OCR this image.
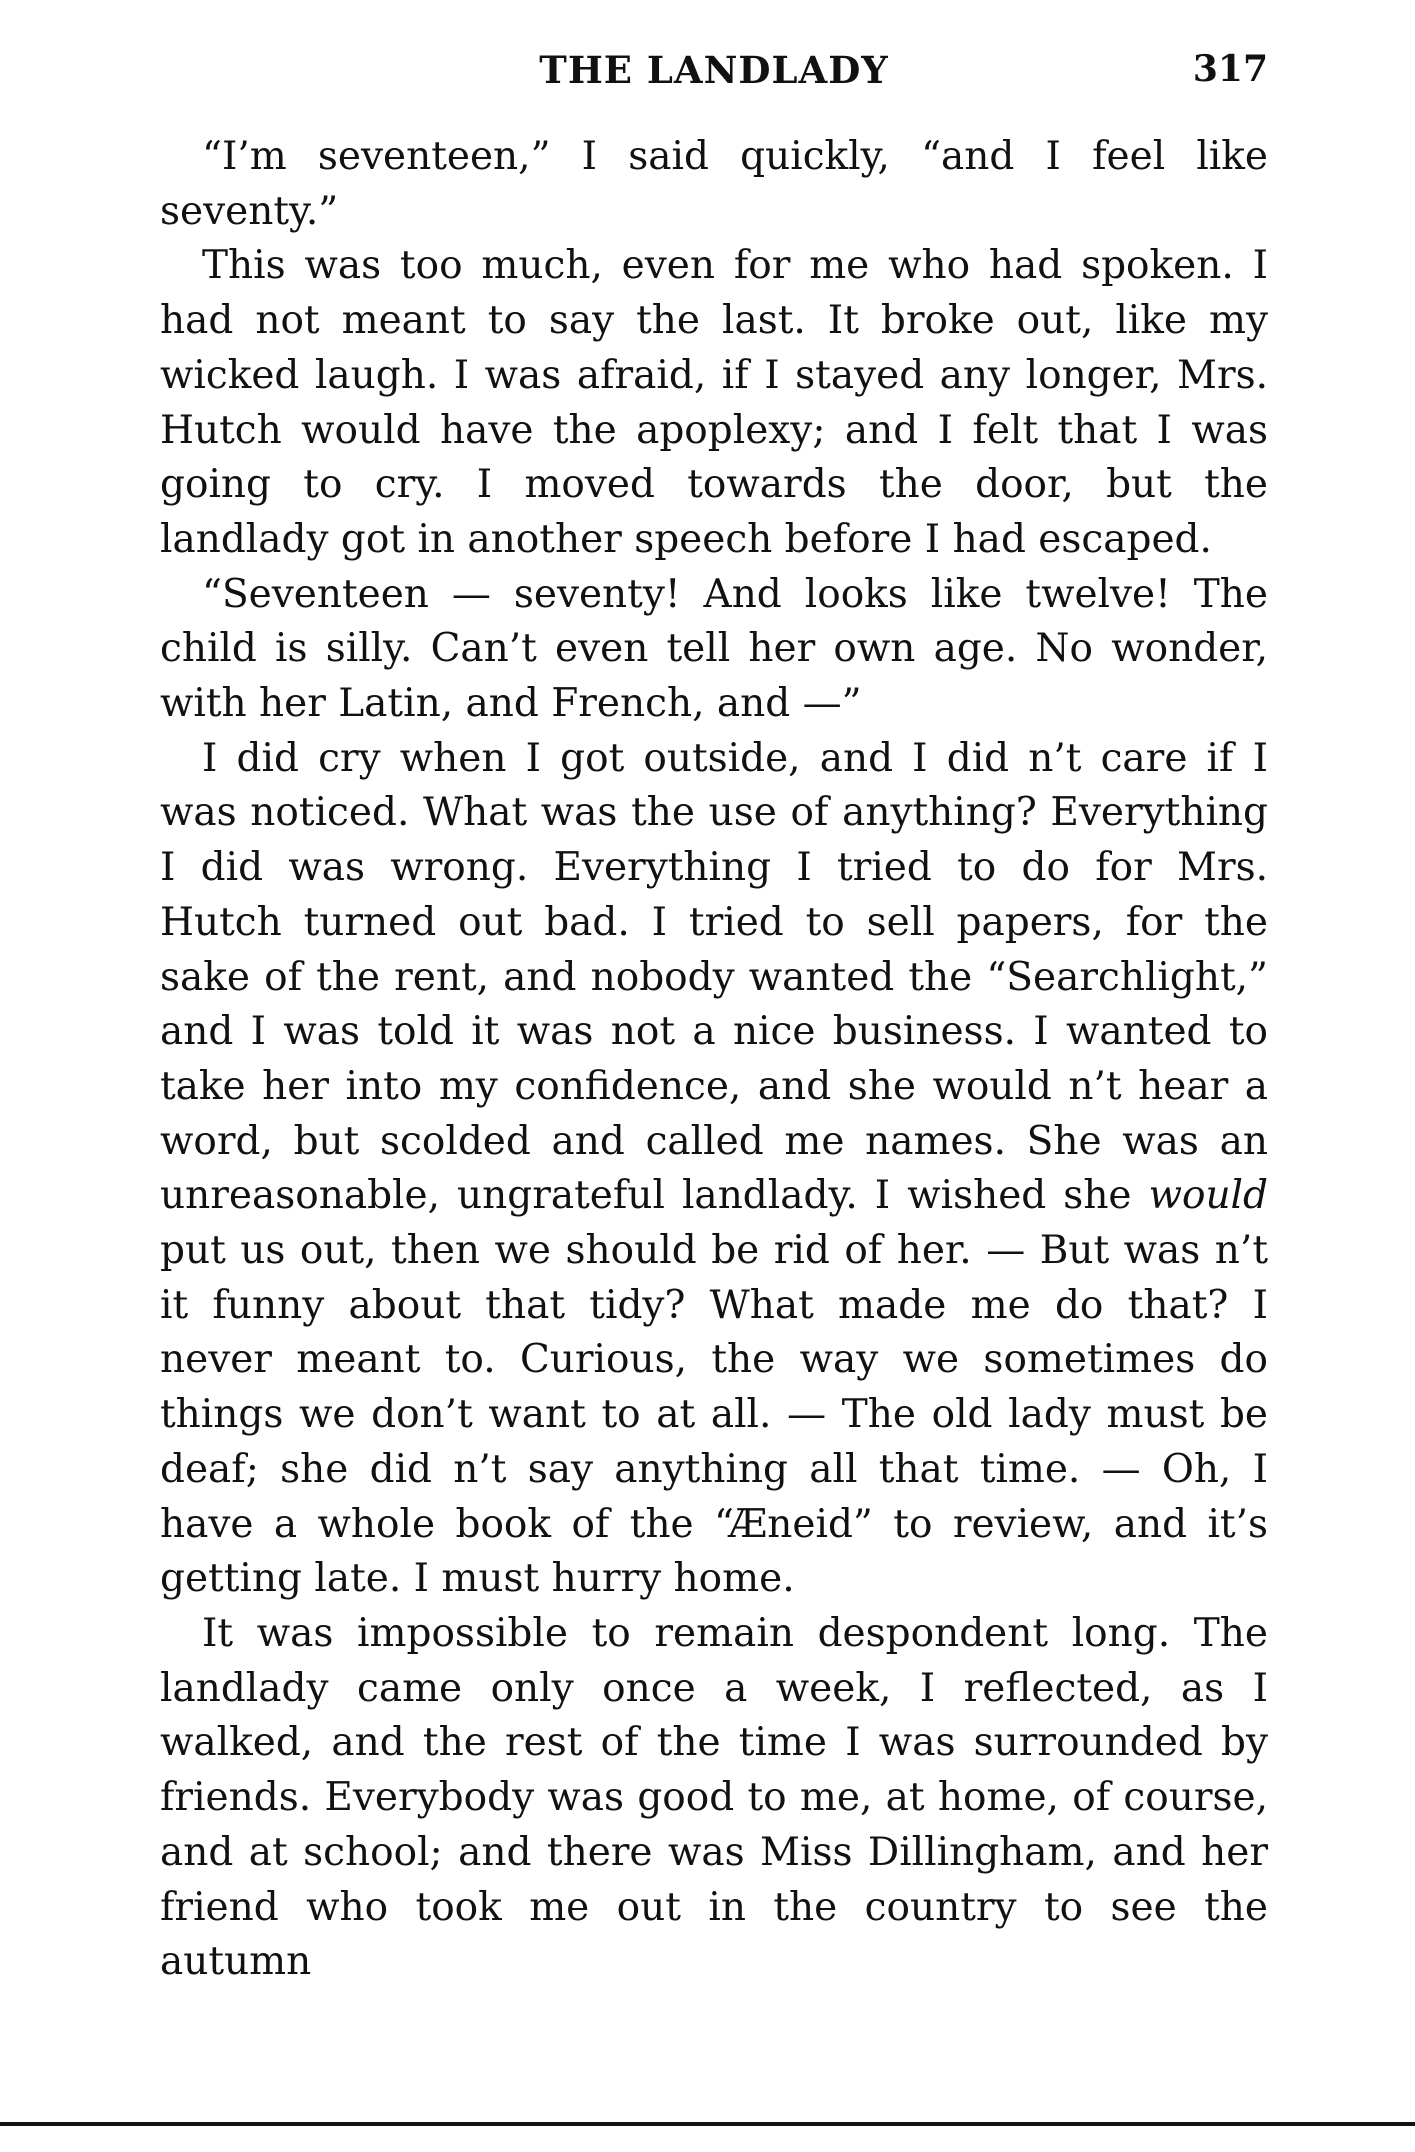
THE LANDLADY	317

“I’m seventeen,” I said quickly, “and I feel like seventy.”

This was too much, even for me who had spoken. I had not meant to say the last. It broke out, like my wicked laugh. I was afraid, if I stayed any longer, Mrs. Hutch would have the apoplexy; and I felt that I was going to cry. I moved towards the door, but the landlady got in another speech before I had escaped.

“Seventeen — seventy! And looks like twelve! The child is silly. Can’t even tell her own age. No wonder, with her Latin, and French, and —”

I did cry when I got outside, and I did n’t care if I was noticed. What was the use of anything? Everything I did was wrong. Everything I tried to do for Mrs. Hutch turned out bad. I tried to sell papers, for the sake of the rent, and nobody wanted the “Searchlight,” and I was told it was not a nice business. I wanted to take her into my confidence, and she would n’t hear a word, but scolded and called me names. She was an unreasonable, ungrateful landlady. I wished she would put us out, then we should be rid of her. — But was n’t it funny about that tidy? What made me do that? I never meant to. Curious, the way we sometimes do things we don’t want to at all. — The old lady must be deaf; she did n’t say anything all that time. — Oh, I have a whole book of the “Æneid” to review, and it’s getting late. I must hurry home.

It was impossible to remain despondent long. The landlady came only once a week, I reflected, as I walked, and the rest of the time I was surrounded by friends. Everybody was good to me, at home, of course, and at school; and there was Miss Dillingham, and her friend who took me out in the country to see the autumn
